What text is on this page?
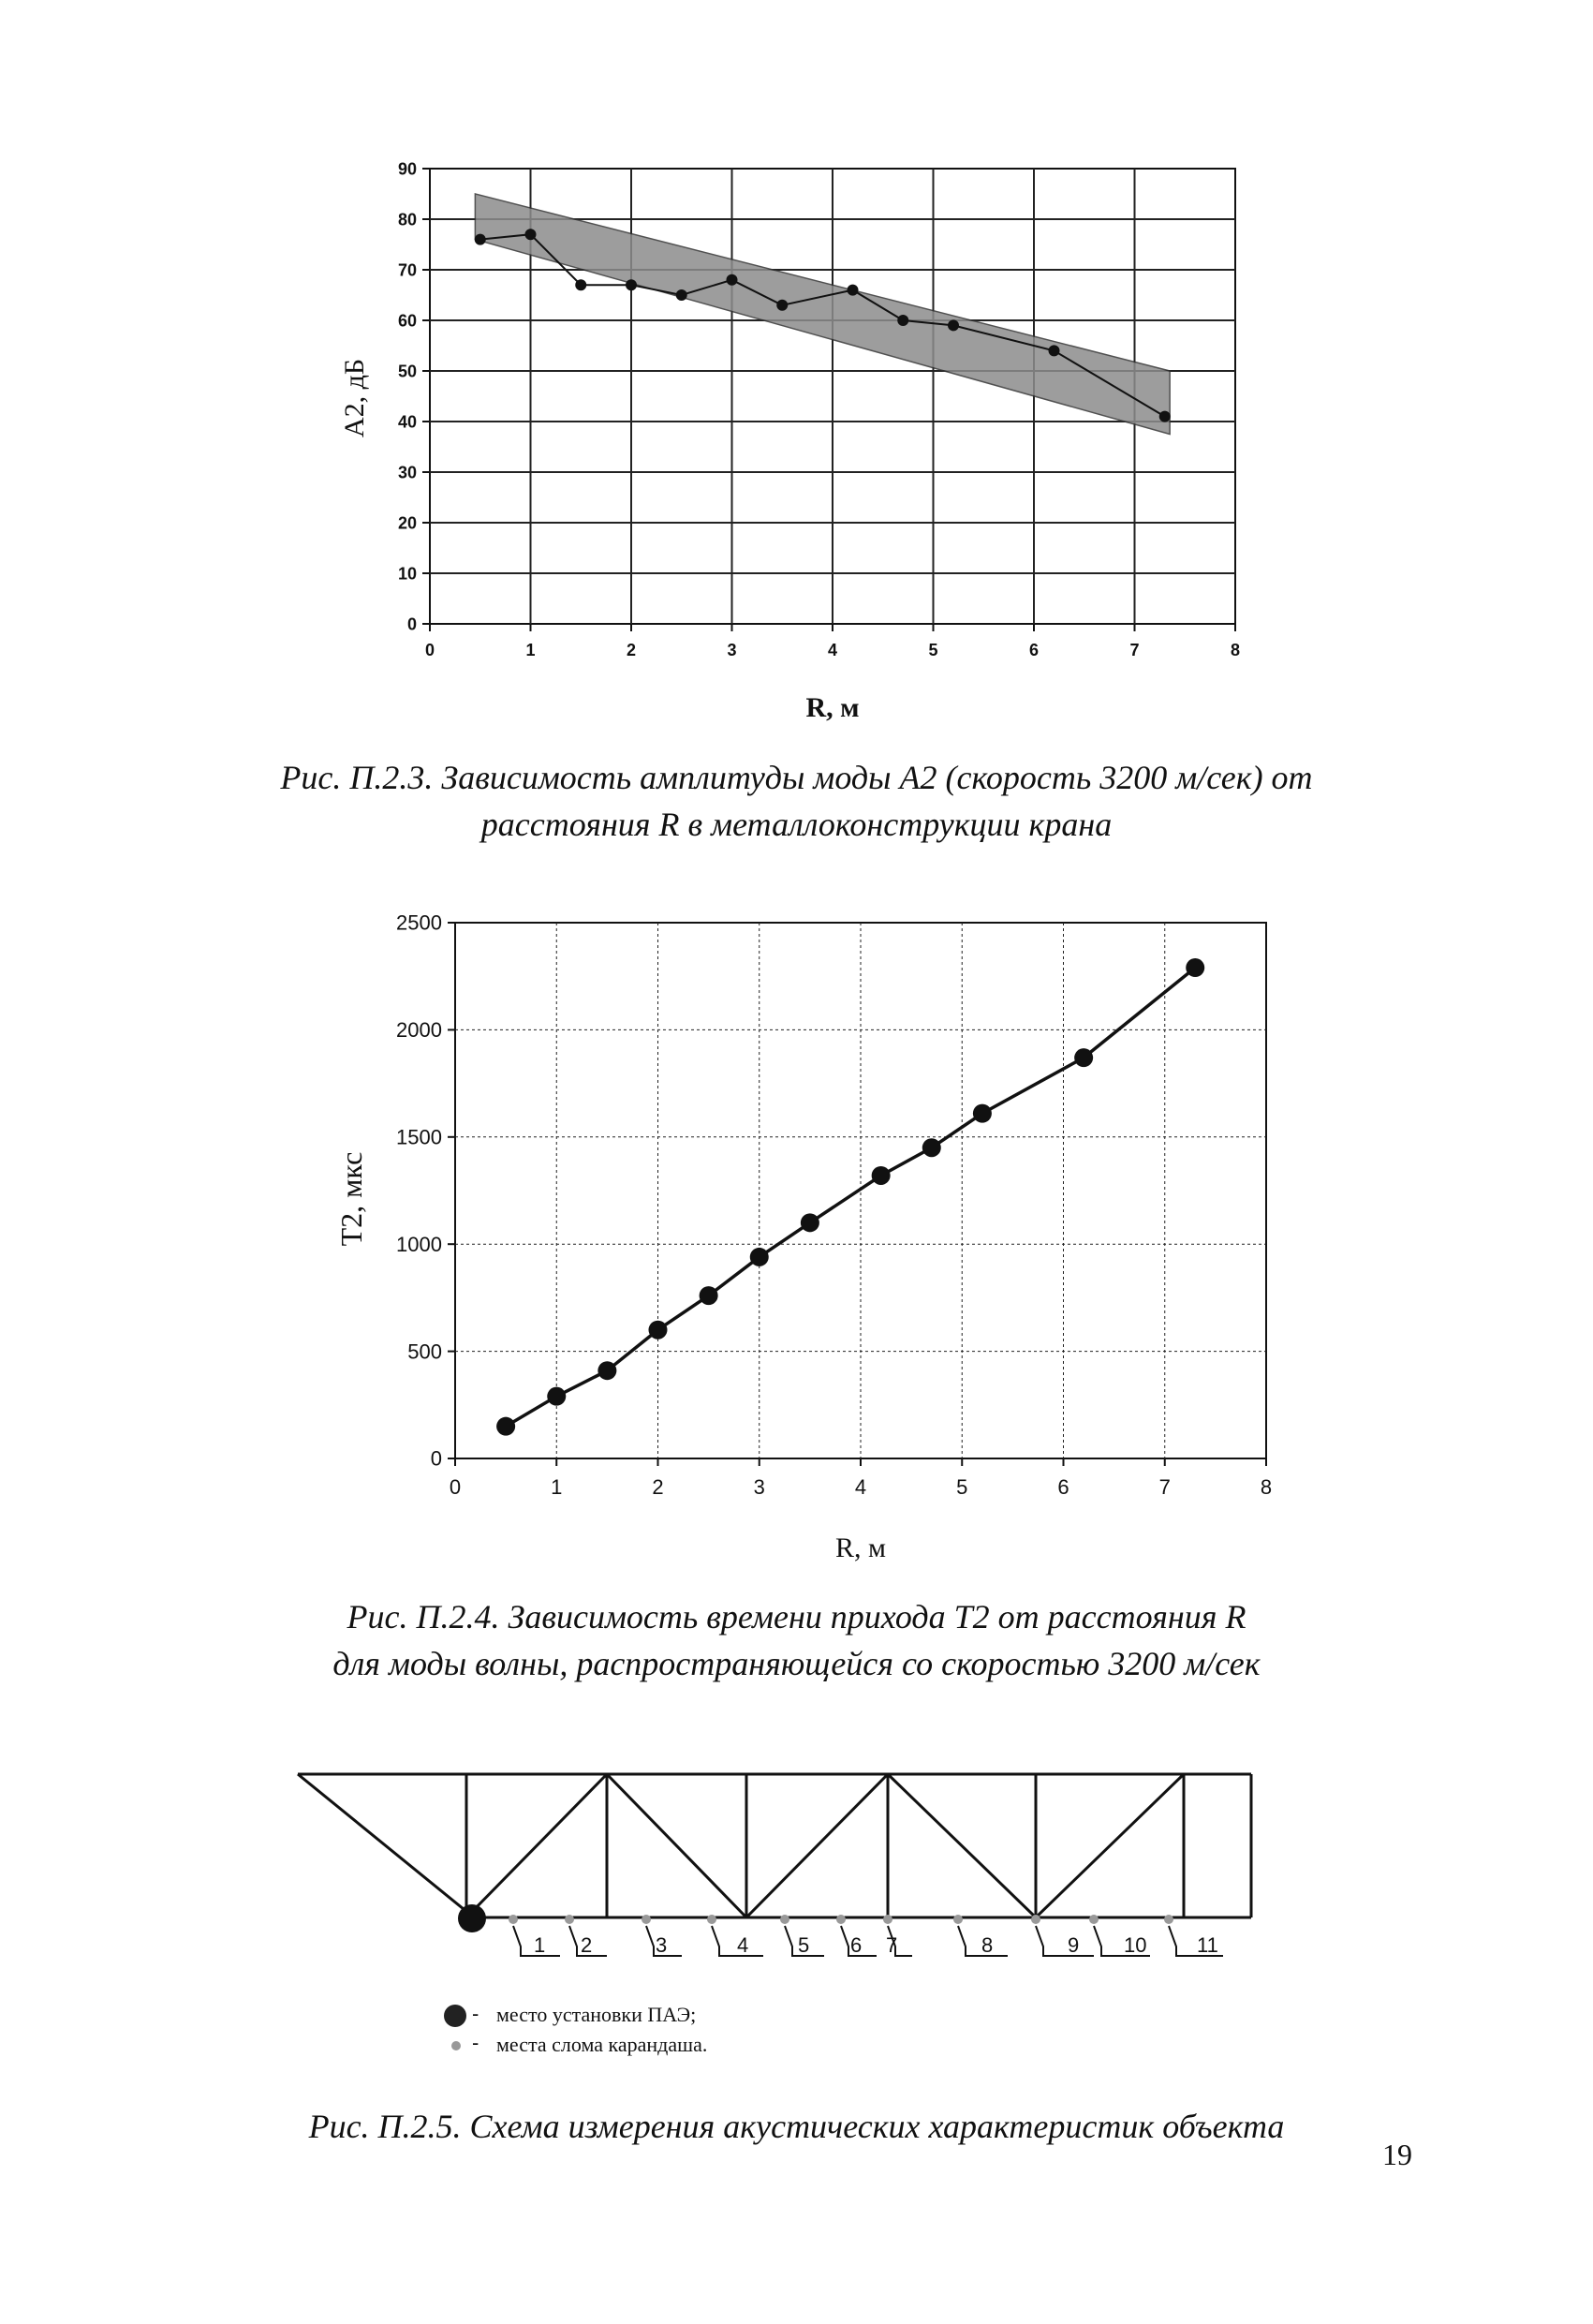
0
10
20
30
40
50
60
70
80
90
0	1	2	3	4	5	6	7	8
A2, дБ
R, м
0
500
1000
1500
2000
2500
0	1	2	3	4	5	6	7	8
T2, мкс
R, м
1 2	3	4 5 6 7	8	9 10 11
- место установки ПАЭ;
- места слома карандаша.
Рис. П.2.3. Зависимость амплитуды моды А2 (скорость 3200 м/сек) от
расстояния R в металлоконструкции крана
Рис. П.2.4. Зависимость времени прихода Т2 от расстояния R
для моды волны, распространяющейся со скоростью 3200 м/сек
Рис. П.2.5. Схема измерения акустических характеристик объекта
19
